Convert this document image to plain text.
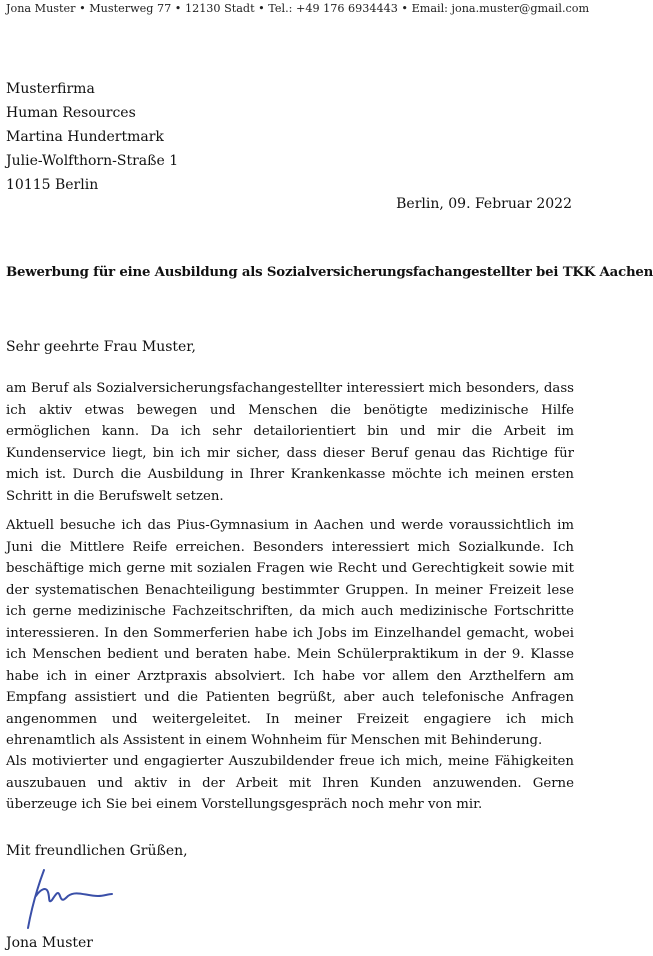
Jona Muster • Musterweg 77 • 12130 Stadt • Tel.: +49 176 6934443 • Email: jona.muster@gmail.com
Musterfirma
Human Resources
Martina Hundertmark
Julie-Wolfthorn-Straße 1
10115 Berlin
Berlin, 09. Februar 2022
Bewerbung für eine Ausbildung als Sozialversicherungsfachangestellter bei TKK Aachen
Sehr geehrte Frau Muster,

am Beruf als Sozialversicherungsfachangestellter interessiert mich besonders, dass ich aktiv etwas bewegen und Menschen die benötigte medizinische Hilfe ermöglichen kann. Da ich sehr detailorientiert bin und mir die Arbeit im Kundenservice liegt, bin ich mir sicher, dass dieser Beruf genau das Richtige für mich ist. Durch die Ausbildung in Ihrer Krankenkasse möchte ich meinen ersten Schritt in die Berufswelt setzen.

Aktuell besuche ich das Pius-Gymnasium in Aachen und werde voraussichtlich im Juni die Mittlere Reife erreichen. Besonders interessiert mich Sozialkunde. Ich beschäftige mich gerne mit sozialen Fragen wie Recht und Gerechtigkeit sowie mit der systematischen Benachteiligung bestimmter Gruppen. In meiner Freizeit lese ich gerne medizinische Fachzeitschriften, da mich auch medizinische Fortschritte interessieren. In den Sommerferien habe ich Jobs im Einzelhandel gemacht, wobei ich Menschen bedient und beraten habe. Mein Schülerpraktikum in der 9. Klasse habe ich in einer Arztpraxis absolviert. Ich habe vor allem den Arzthelfern am Empfang assistiert und die Patienten begrüßt, aber auch telefonische Anfragen angenommen und weitergeleitet. In meiner Freizeit engagiere ich mich ehrenamtlich als Assistent in einem Wohnheim für Menschen mit Behinderung.

Als motivierter und engagierter Auszubildender freue ich mich, meine Fähigkeiten auszubauen und aktiv in der Arbeit mit Ihren Kunden anzuwenden. Gerne überzeuge ich Sie bei einem Vorstellungsgespräch noch mehr von mir.

Mit freundlichen Grüßen,
Jona Muster
